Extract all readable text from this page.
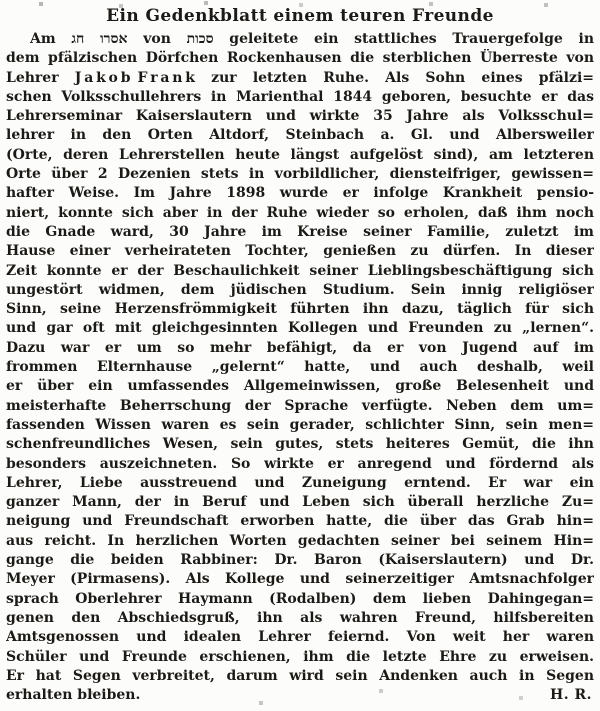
Ein Gedenkblatt einem teuren Freunde
Am אסרו חג von סכות geleitete ein stattliches Trauergefolge in
dem pfälzischen Dörfchen Rockenhausen die sterblichen Überreste von
Lehrer J a k o b F r a n k zur letzten Ruhe. Als Sohn eines pfälzi=
schen Volksschullehrers in Marienthal 1844 geboren, besuchte er das
Lehrerseminar Kaiserslautern und wirkte 35 Jahre als Volksschul=
lehrer in den Orten Altdorf, Steinbach a. Gl. und Albersweiler
(Orte, deren Lehrerstellen heute längst aufgelöst sind), am letzteren
Orte über 2 Dezenien stets in vorbildlicher, diensteifriger, gewissen=
hafter Weise. Im Jahre 1898 wurde er infolge Krankheit pensio-
niert, konnte sich aber in der Ruhe wieder so erholen, daß ihm noch
die Gnade ward, 30 Jahre im Kreise seiner Familie, zuletzt im
Hause einer verheirateten Tochter, genießen zu dürfen. In dieser
Zeit konnte er der Beschaulichkeit seiner Lieblingsbeschäftigung sich
ungestört widmen, dem jüdischen Studium. Sein innig religiöser
Sinn, seine Herzensfrömmigkeit führten ihn dazu, täglich für sich
und gar oft mit gleichgesinnten Kollegen und Freunden zu „lernen“.
Dazu war er um so mehr befähigt, da er von Jugend auf im
frommen Elternhause „gelernt“ hatte, und auch deshalb, weil
er über ein umfassendes Allgemeinwissen, große Belesenheit und
meisterhafte Beherrschung der Sprache verfügte. Neben dem um=
fassenden Wissen waren es sein gerader, schlichter Sinn, sein men=
schenfreundliches Wesen, sein gutes, stets heiteres Gemüt, die ihn
besonders auszeichneten. So wirkte er anregend und fördernd als
Lehrer, Liebe ausstreuend und Zuneigung erntend. Er war ein
ganzer Mann, der in Beruf und Leben sich überall herzliche Zu=
neigung und Freundschaft erworben hatte, die über das Grab hin=
aus reicht. In herzlichen Worten gedachten seiner bei seinem Hin=
gange die beiden Rabbiner: Dr. Baron (Kaiserslautern) und Dr.
Meyer (Pirmasens). Als Kollege und seinerzeitiger Amtsnachfolger
sprach Oberlehrer Haymann (Rodalben) dem lieben Dahingegan=
genen den Abschiedsgruß, ihn als wahren Freund, hilfsbereiten
Amtsgenossen und idealen Lehrer feiernd. Von weit her waren
Schüler und Freunde erschienen, ihm die letzte Ehre zu erweisen.
Er hat Segen verbreitet, darum wird sein Andenken auch in Segen
erhalten bleiben.	H. R.
